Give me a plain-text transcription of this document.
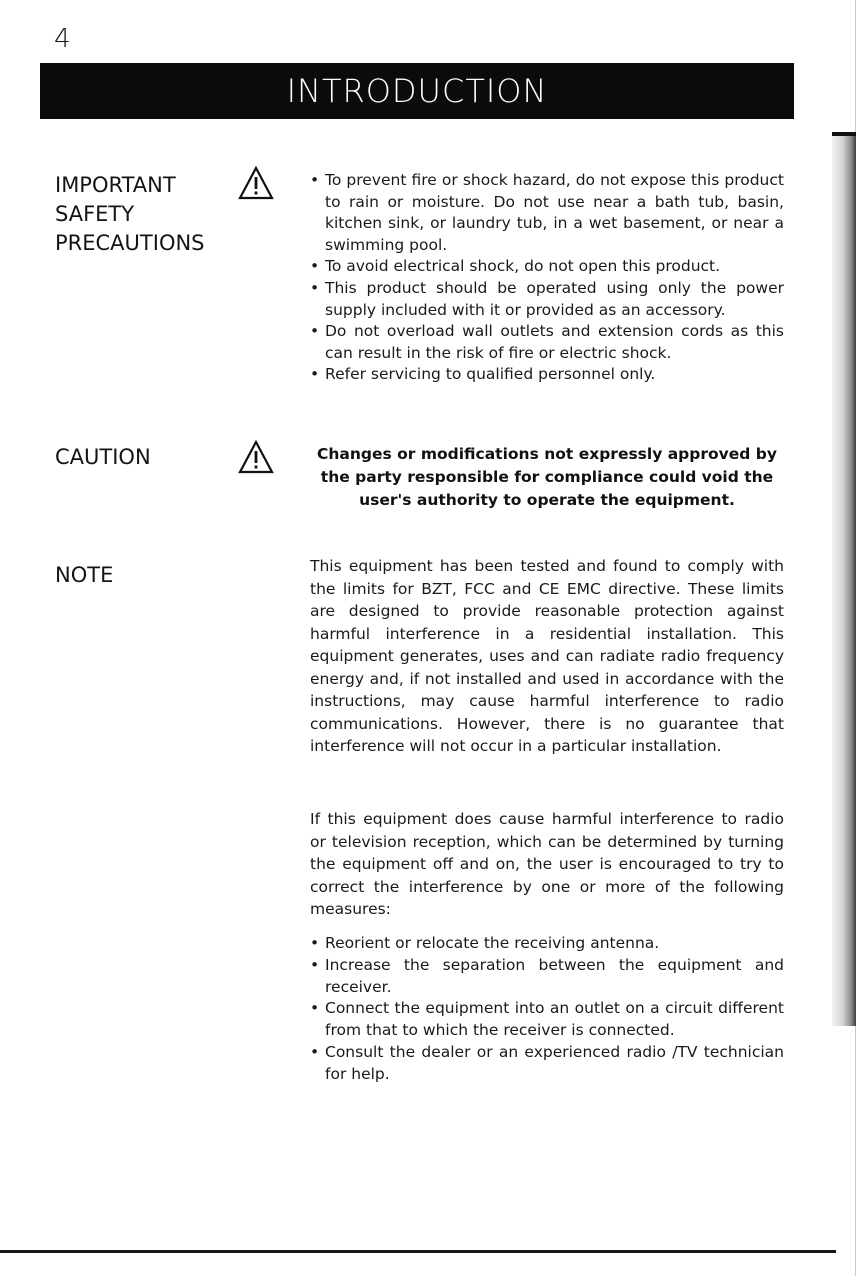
4
INTRODUCTION
IMPORTANT
SAFETY
PRECAUTIONS
• To prevent fire or shock hazard, do not expose this product to rain or moisture. Do not use near a bath tub, basin, kitchen sink, or laundry tub, in a wet basement, or near a swimming pool.
• To avoid electrical shock, do not open this product.
• This product should be operated using only the power supply included with it or provided as an accessory.
• Do not overload wall outlets and extension cords as this can result in the risk of fire or electric shock.
• Refer servicing to qualified personnel only.
CAUTION	Changes or modifications not expressly approved by the party responsible for compliance could void the user's authority to operate the equipment.
NOTE	This equipment has been tested and found to comply with the limits for BZT, FCC and CE EMC directive. These limits are designed to provide reasonable protection against harmful interference in a residential installation. This equipment generates, uses and can radiate radio frequency energy and, if not installed and used in accordance with the instructions, may cause harmful interference to radio communications. However, there is no guarantee that interference will not occur in a particular installation.

If this equipment does cause harmful interference to radio or television reception, which can be determined by turning the equipment off and on, the user is encouraged to try to correct the interference by one or more of the following measures:

• Reorient or relocate the receiving antenna.
• Increase the separation between the equipment and receiver.
• Connect the equipment into an outlet on a circuit different from that to which the receiver is connected.
• Consult the dealer or an experienced radio /TV technician for help.
